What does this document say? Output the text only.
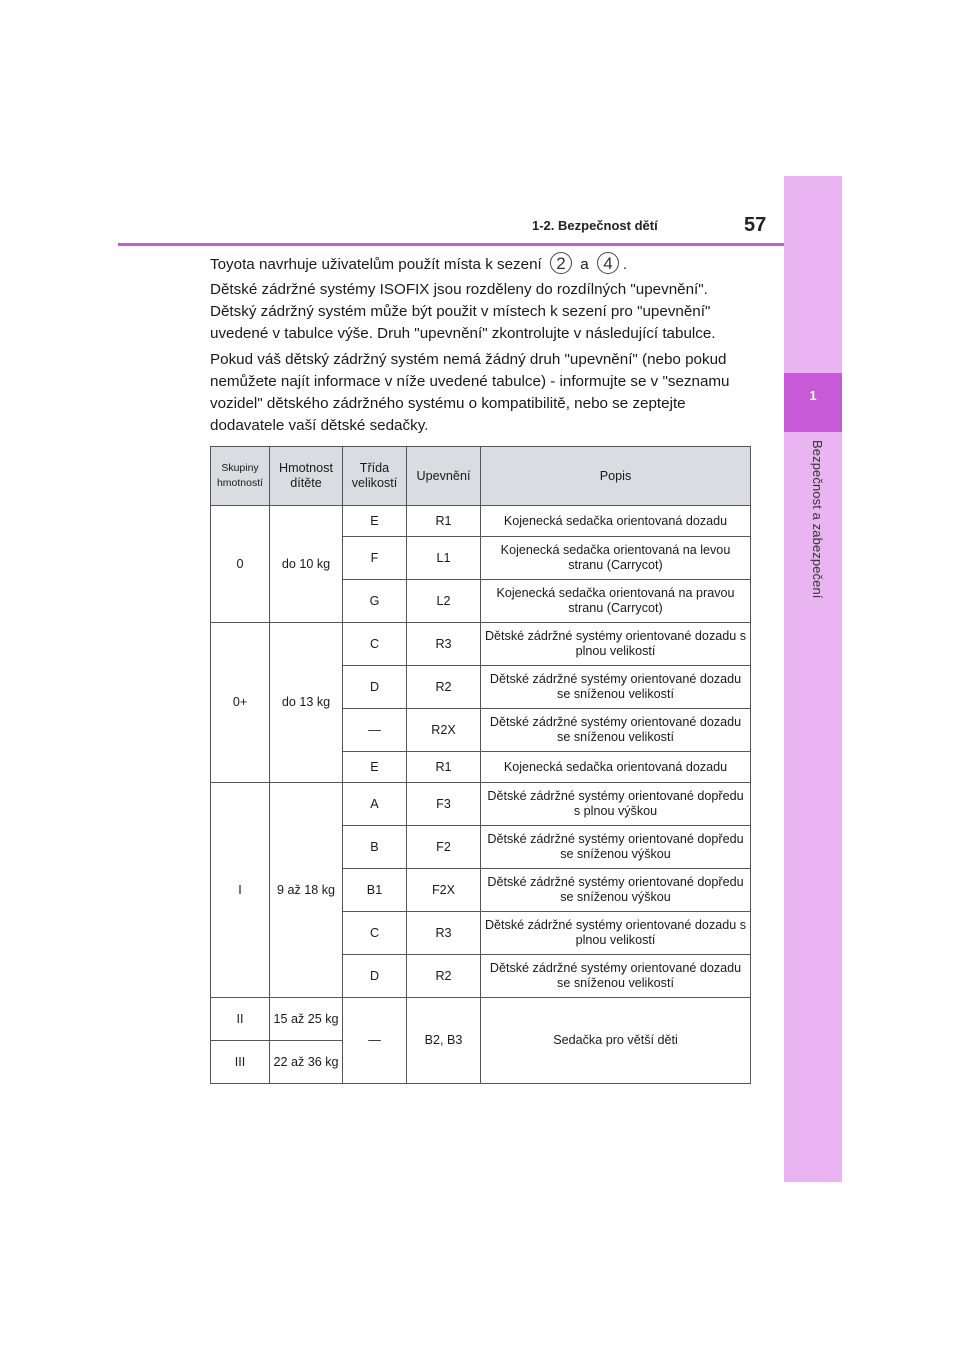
1
Bezpečnost a zabezpečení
1-2. Bezpečnost dětí	57
Toyota navrhuje uživatelům použít místa k sezení 2 a 4 .
Dětské zádržné systémy ISOFIX jsou rozděleny do rozdílných "upevnění". Dětský zádržný systém může být použit v místech k sezení pro "upevnění" uvedené v tabulce výše. Druh "upevnění" zkontrolujte v následující tabulce.
Pokud váš dětský zádržný systém nemá žádný druh "upevnění" (nebo pokud nemůžete najít informace v níže uvedené tabulce) - informujte se v "seznamu vozidel" dětského zádržného systému o kompatibilitě, nebo se zeptejte dodavatele vaší dětské sedačky.
Skupiny hmotností	Hmotnost dítěte	Třída velikostí	Upevnění	Popis
0	do 10 kg	E	R1	Kojenecká sedačka orientovaná dozadu
		F	L1	Kojenecká sedačka orientovaná na levou stranu (Carrycot)
		G	L2	Kojenecká sedačka orientovaná na pravou stranu (Carrycot)
0+	do 13 kg	C	R3	Dětské zádržné systémy orientované dozadu s plnou velikostí
		D	R2	Dětské zádržné systémy orientované dozadu se sníženou velikostí
		—	R2X	Dětské zádržné systémy orientované dozadu se sníženou velikostí
		E	R1	Kojenecká sedačka orientovaná dozadu
I	9 až 18 kg	A	F3	Dětské zádržné systémy orientované dopředu s plnou výškou
		B	F2	Dětské zádržné systémy orientované dopředu se sníženou výškou
		B1	F2X	Dětské zádržné systémy orientované dopředu se sníženou výškou
		C	R3	Dětské zádržné systémy orientované dozadu s plnou velikostí
		D	R2	Dětské zádržné systémy orientované dozadu se sníženou velikostí
II	15 až 25 kg	—	B2, B3	Sedačka pro větší děti
III	22 až 36 kg			
